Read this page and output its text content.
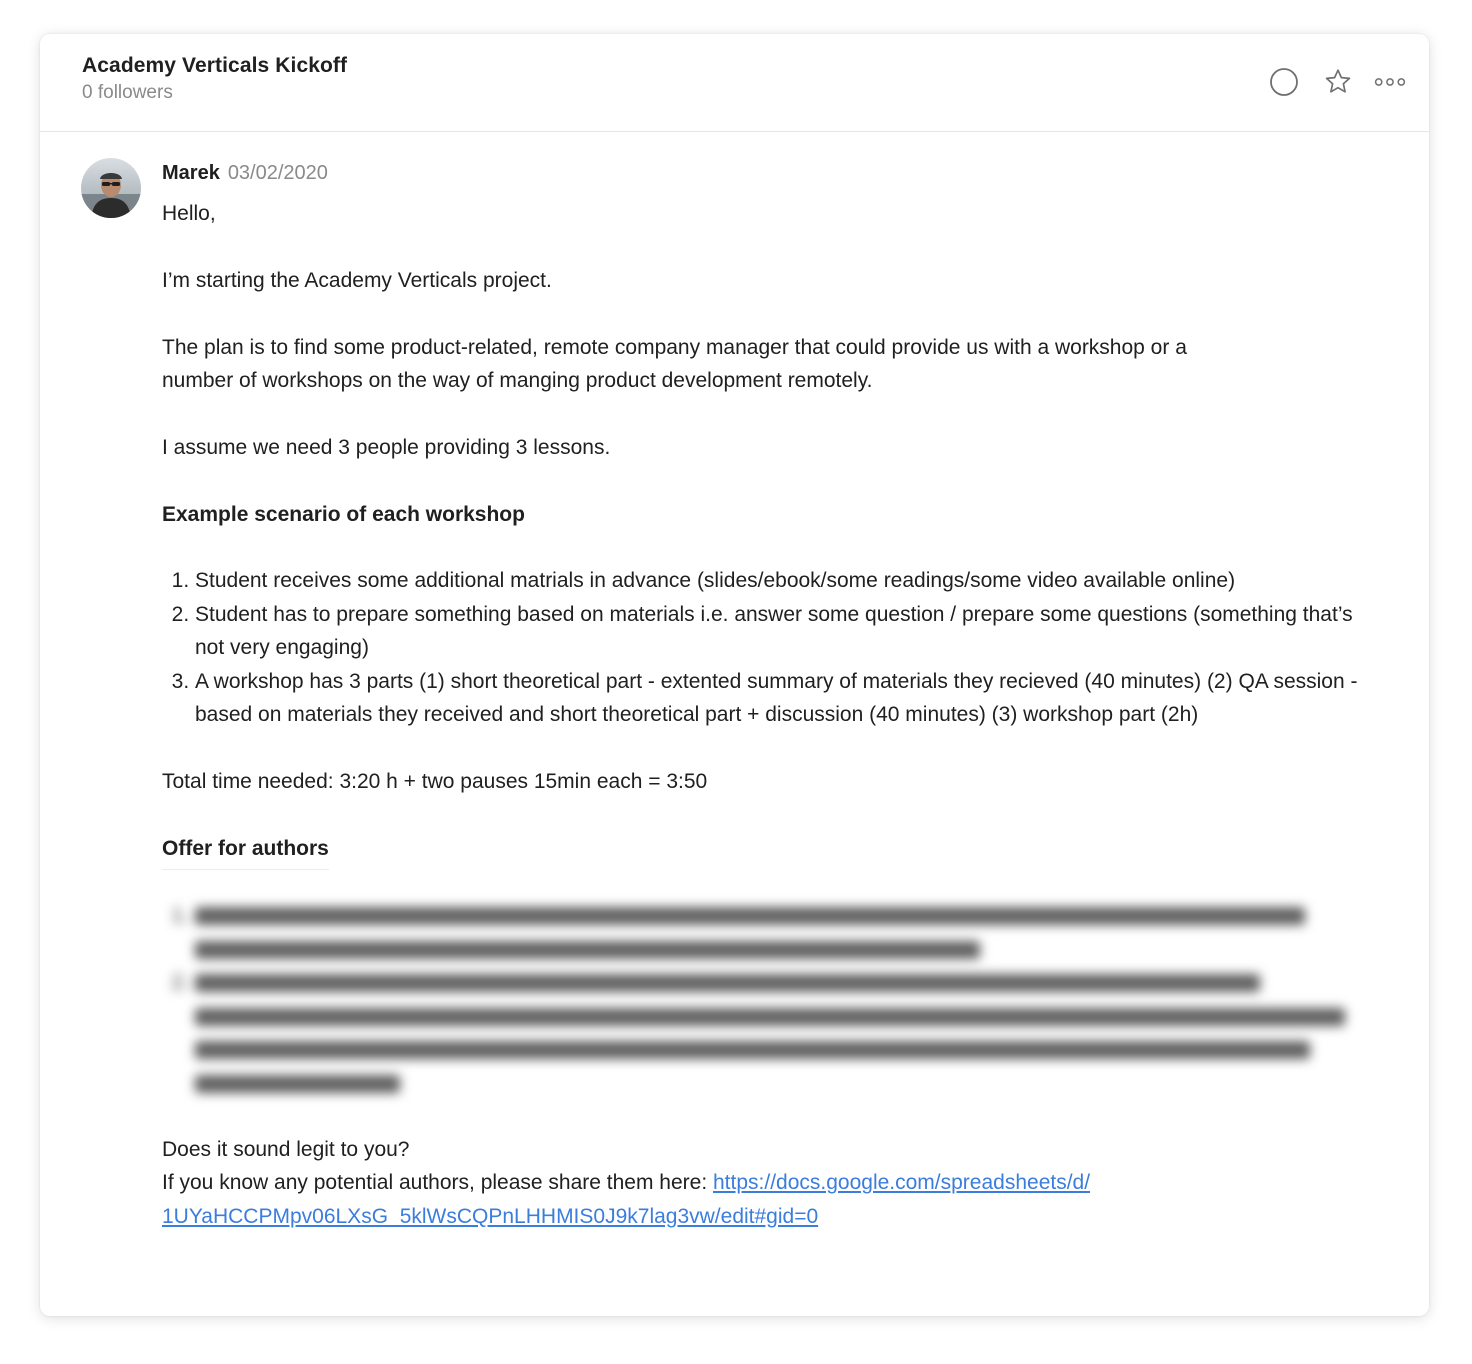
Academy Verticals Kickoff
0 followers
Marek 03/02/2020

Hello,

I’m starting the Academy Verticals project.

The plan is to find some product-related, remote company manager that could provide us with a workshop or a

number of workshops on the way of manging product development remotely.

I assume we need 3 people providing 3 lessons.

Example scenario of each workshop

1. Student receives some additional matrials in advance (slides/ebook/some readings/some video available online)
2. Student has to prepare something based on materials i.e. answer some question / prepare some questions (something that’s not very engaging)
3. A workshop has 3 parts (1) short theoretical part - extented summary of materials they recieved (40 minutes) (2) QA session - based on materials they received and short theoretical part + discussion (40 minutes) (3) workshop part (2h)

Total time needed: 3:20 h + two pauses 15min each = 3:50

Offer for authors

1.

2.

Does it sound legit to you?

If you know any potential authors, please share them here: https://docs.google.com/spreadsheets/d/

1UYaHCCPMpv06LXsG_5klWsCQPnLHHMIS0J9k7lag3vw/edit#gid=0
